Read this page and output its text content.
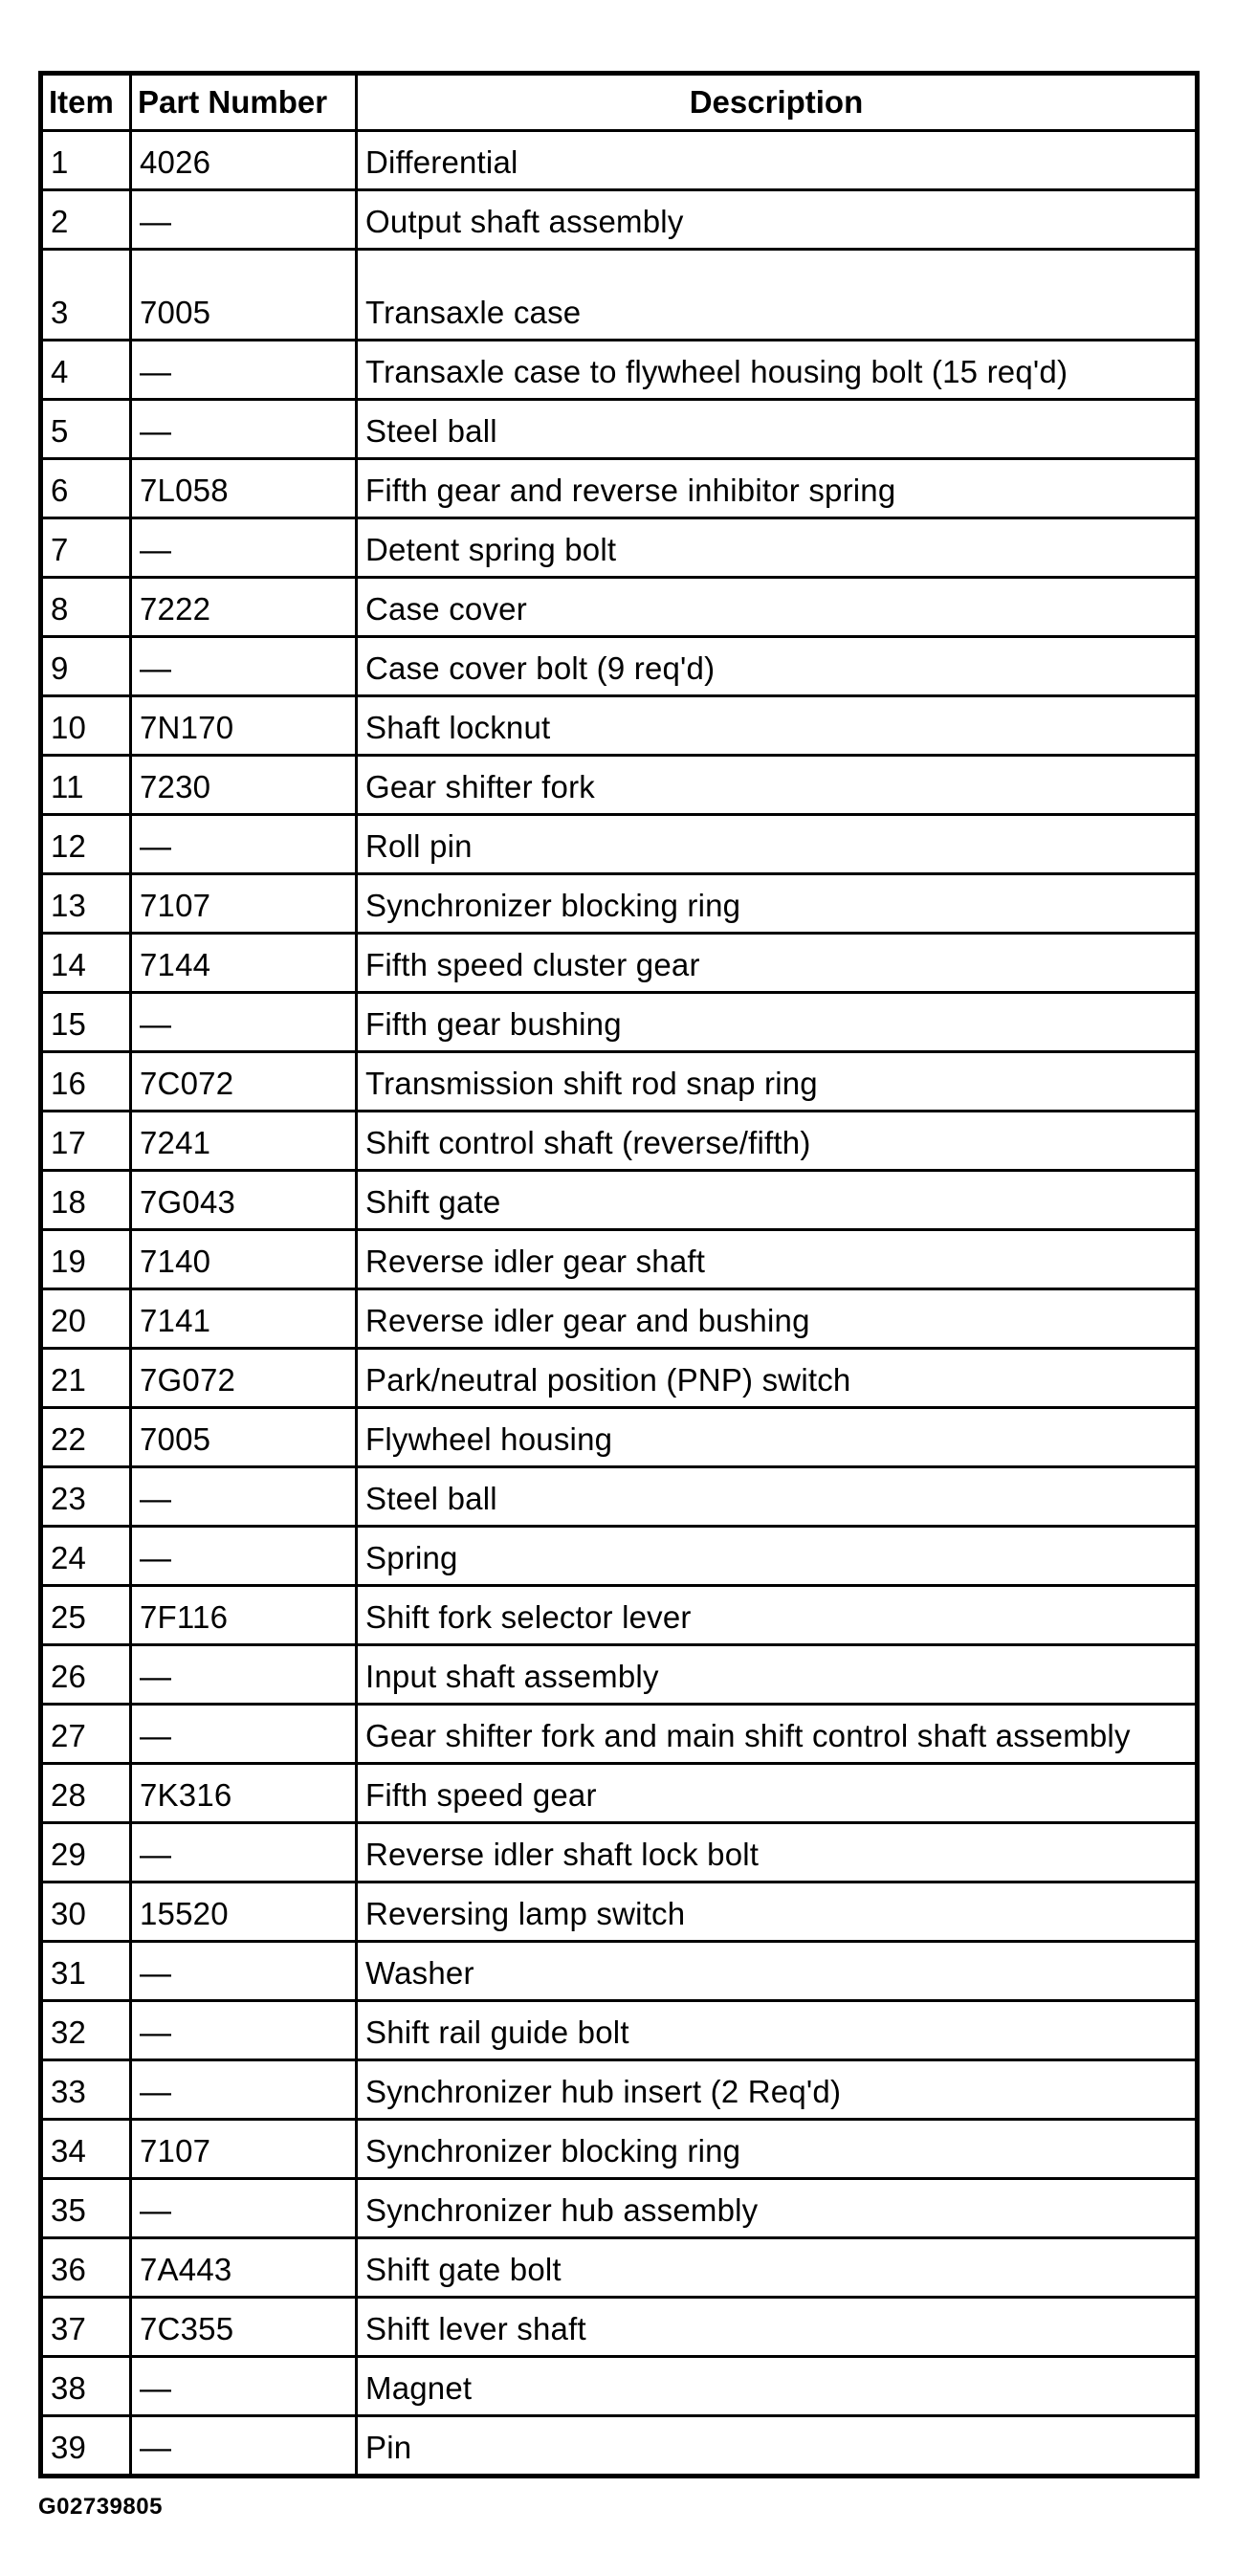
Item	Part Number	Description
1	4026	Differential
2	—	Output shaft assembly
3	7005	Transaxle case
4	—	Transaxle case to flywheel housing bolt (15 req'd)
5	—	Steel ball
6	7L058	Fifth gear and reverse inhibitor spring
7	—	Detent spring bolt
8	7222	Case cover
9	—	Case cover bolt (9 req'd)
10	7N170	Shaft locknut
11	7230	Gear shifter fork
12	—	Roll pin
13	7107	Synchronizer blocking ring
14	7144	Fifth speed cluster gear
15	—	Fifth gear bushing
16	7C072	Transmission shift rod snap ring
17	7241	Shift control shaft (reverse/fifth)
18	7G043	Shift gate
19	7140	Reverse idler gear shaft
20	7141	Reverse idler gear and bushing
21	7G072	Park/neutral position (PNP) switch
22	7005	Flywheel housing
23	—	Steel ball
24	—	Spring
25	7F116	Shift fork selector lever
26	—	Input shaft assembly
27	—	Gear shifter fork and main shift control shaft assembly
28	7K316	Fifth speed gear
29	—	Reverse idler shaft lock bolt
30	15520	Reversing lamp switch
31	—	Washer
32	—	Shift rail guide bolt
33	—	Synchronizer hub insert (2 Req'd)
34	7107	Synchronizer blocking ring
35	—	Synchronizer hub assembly
36	7A443	Shift gate bolt
37	7C355	Shift lever shaft
38	—	Magnet
39	—	Pin
G02739805
